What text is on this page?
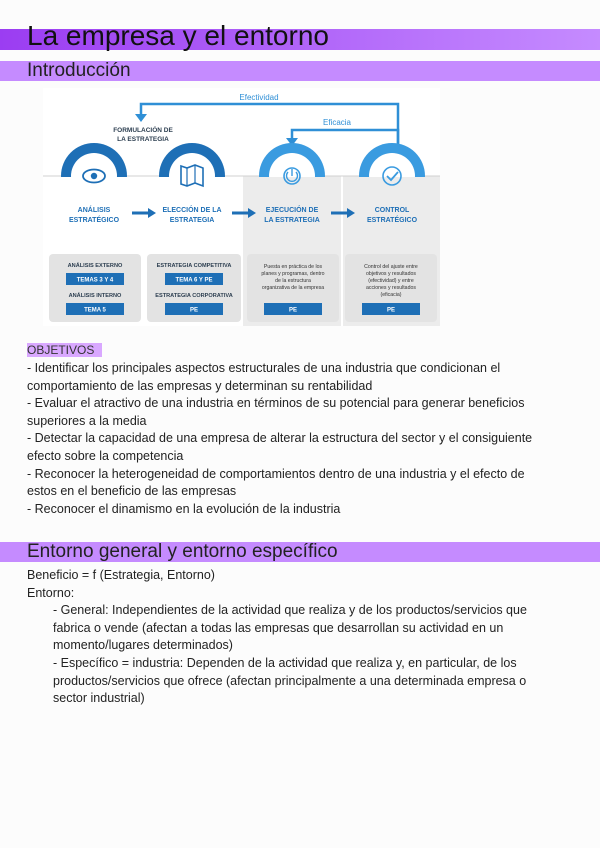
La empresa y el entorno
Introducción
Efectividad
Eficacia
FORMULACIÓN DE
LA ESTRATEGIA
ANÁLISIS
ESTRATÉGICO
ELECCIÓN DE LA
ESTRATEGIA
EJECUCIÓN DE
LA ESTRATEGIA
CONTROL
ESTRATÉGICO
ANÁLISIS EXTERNO
TEMAS 3 Y 4
ANÁLISIS INTERNO
TEMA 5
ESTRATEGIA COMPETITIVA
TEMA 6 Y PE
ESTRATEGIA CORPORATIVA
PE
Puesta en práctica de los
planes y programas, dentro
de la estructura
organizativa de la empresa
PE
Control del ajuste entre
objetivos y resultados
(efectividad) y entre
acciones y resultados
(eficacia)
PE
OBJETIVOS
- Identificar los principales aspectos estructurales de una industria que condicionan el
comportamiento de las empresas y determinan su rentabilidad
- Evaluar el atractivo de una industria en términos de su potencial para generar beneficios
superiores a la media
- Detectar la capacidad de una empresa de alterar la estructura del sector y el consiguiente
efecto sobre la competencia
- Reconocer la heterogeneidad de comportamientos dentro de una industria y el efecto de
estos en el beneficio de las empresas
- Reconocer el dinamismo en la evolución de la industria
Entorno general y entorno específico
Beneficio = f (Estrategia, Entorno)
Entorno:
- General: Independientes de la actividad que realiza y de los productos/servicios que
fabrica o vende (afectan a todas las empresas que desarrollan su actividad en un
momento/lugares determinados)
- Específico = industria: Dependen de la actividad que realiza y, en particular, de los
productos/servicios que ofrece (afectan principalmente a una determinada empresa o
sector industrial)
